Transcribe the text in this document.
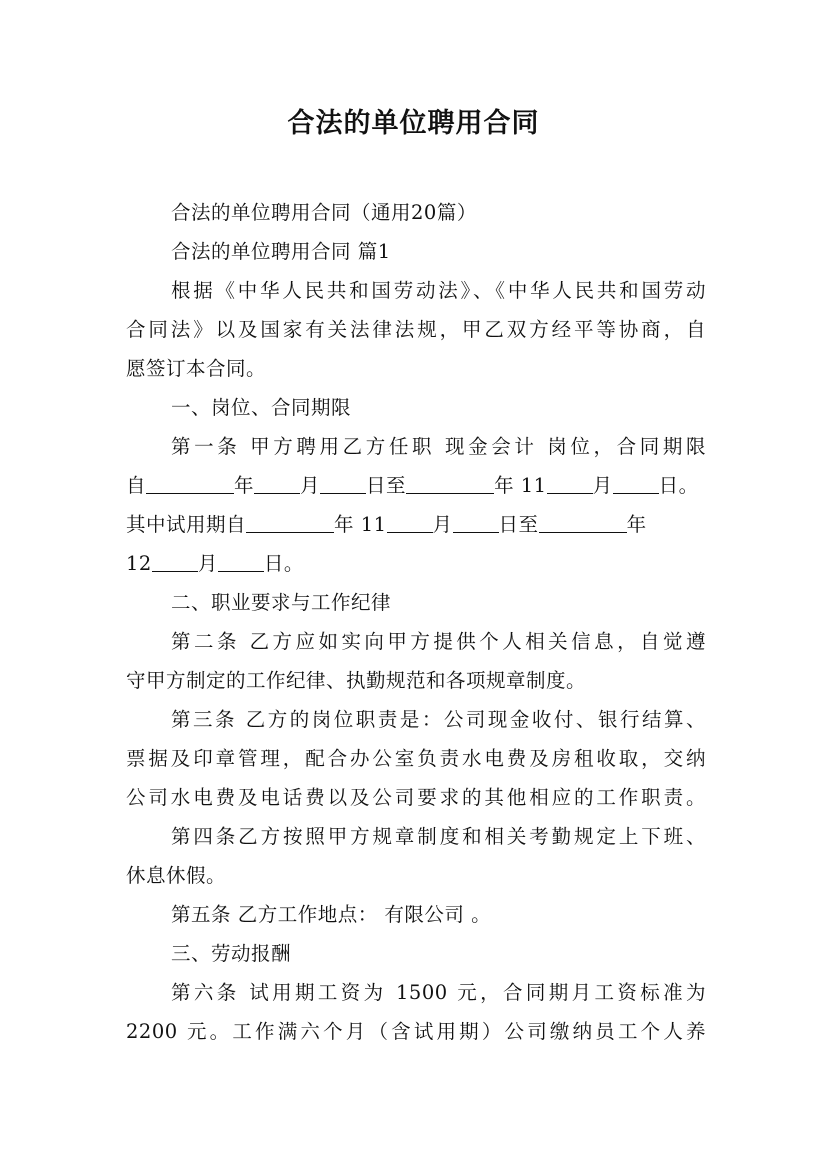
合法的单位聘用合同
合法的单位聘用合同（通用20篇）
合法的单位聘用合同 篇1
根据《中华人民共和国劳动法》、《中华人民共和国劳动
合同法》以及国家有关法律法规，甲乙双方经平等协商，自
愿签订本合同。
一、岗位、合同期限
第一条 甲方聘用乙方任职 现金会计 岗位，合同期限
自	年 月 日至	年 11 月 日。
其中试用期自	年 11 月 日至	年
12 月 日。
二、职业要求与工作纪律
第二条 乙方应如实向甲方提供个人相关信息，自觉遵
守甲方制定的工作纪律、执勤规范和各项规章制度。
第三条 乙方的岗位职责是：公司现金收付、银行结算、
票据及印章管理，配合办公室负责水电费及房租收取，交纳
公司水电费及电话费以及公司要求的其他相应的工作职责。
第四条乙方按照甲方规章制度和相关考勤规定上下班、
休息休假。
第五条 乙方工作地点： 有限公司 。
三、劳动报酬
第六条 试用期工资为 1500 元，合同期月工资标准为
2200 元。工作满六个月（含试用期）公司缴纳员工个人养
